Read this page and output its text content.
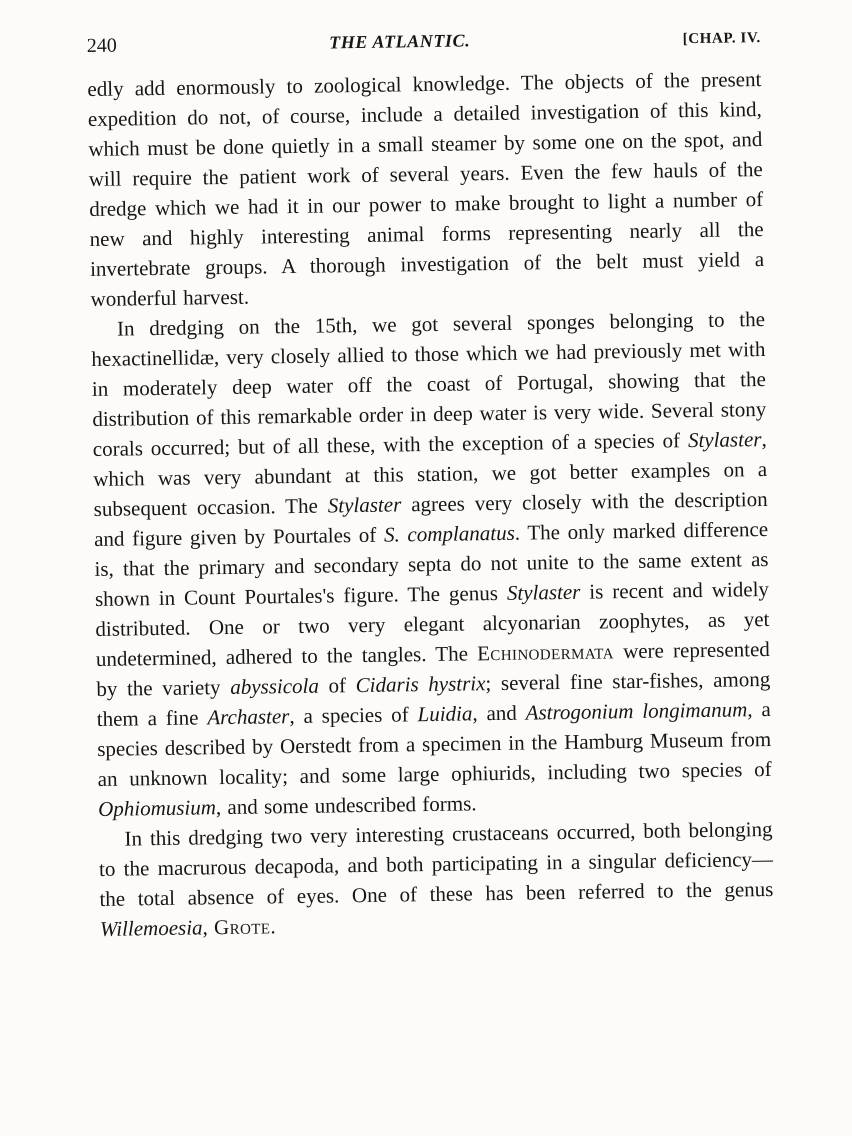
240	THE ATLANTIC.	[CHAP. IV.

edly add enormously to zoological knowledge. The objects of the present expedition do not, of course, include a detailed investigation of this kind, which must be done quietly in a small steamer by some one on the spot, and will require the patient work of several years. Even the few hauls of the dredge which we had it in our power to make brought to light a number of new and highly interesting animal forms representing nearly all the invertebrate groups. A thorough investigation of the belt must yield a wonderful harvest.

In dredging on the 15th, we got several sponges belonging to the hexactinellidæ, very closely allied to those which we had previously met with in moderately deep water off the coast of Portugal, showing that the distribution of this remarkable order in deep water is very wide. Several stony corals occurred; but of all these, with the exception of a species of Stylaster, which was very abundant at this station, we got better examples on a subsequent occasion. The Stylaster agrees very closely with the description and figure given by Pourtales of S. complanatus. The only marked difference is, that the primary and secondary septa do not unite to the same extent as shown in Count Pourtales's figure. The genus Stylaster is recent and widely distributed. One or two very elegant alcyonarian zoophytes, as yet undetermined, adhered to the tangles. The Echinodermata were represented by the variety abyssicola of Cidaris hystrix; several fine star-fishes, among them a fine Archaster, a species of Luidia, and Astrogonium longimanum, a species described by Oerstedt from a specimen in the Hamburg Museum from an unknown locality; and some large ophiurids, including two species of Ophiomusium, and some undescribed forms.

In this dredging two very interesting crustaceans occurred, both belonging to the macrurous decapoda, and both participating in a singular deficiency—the total absence of eyes. One of these has been referred to the genus Willemoesia, Grote.
